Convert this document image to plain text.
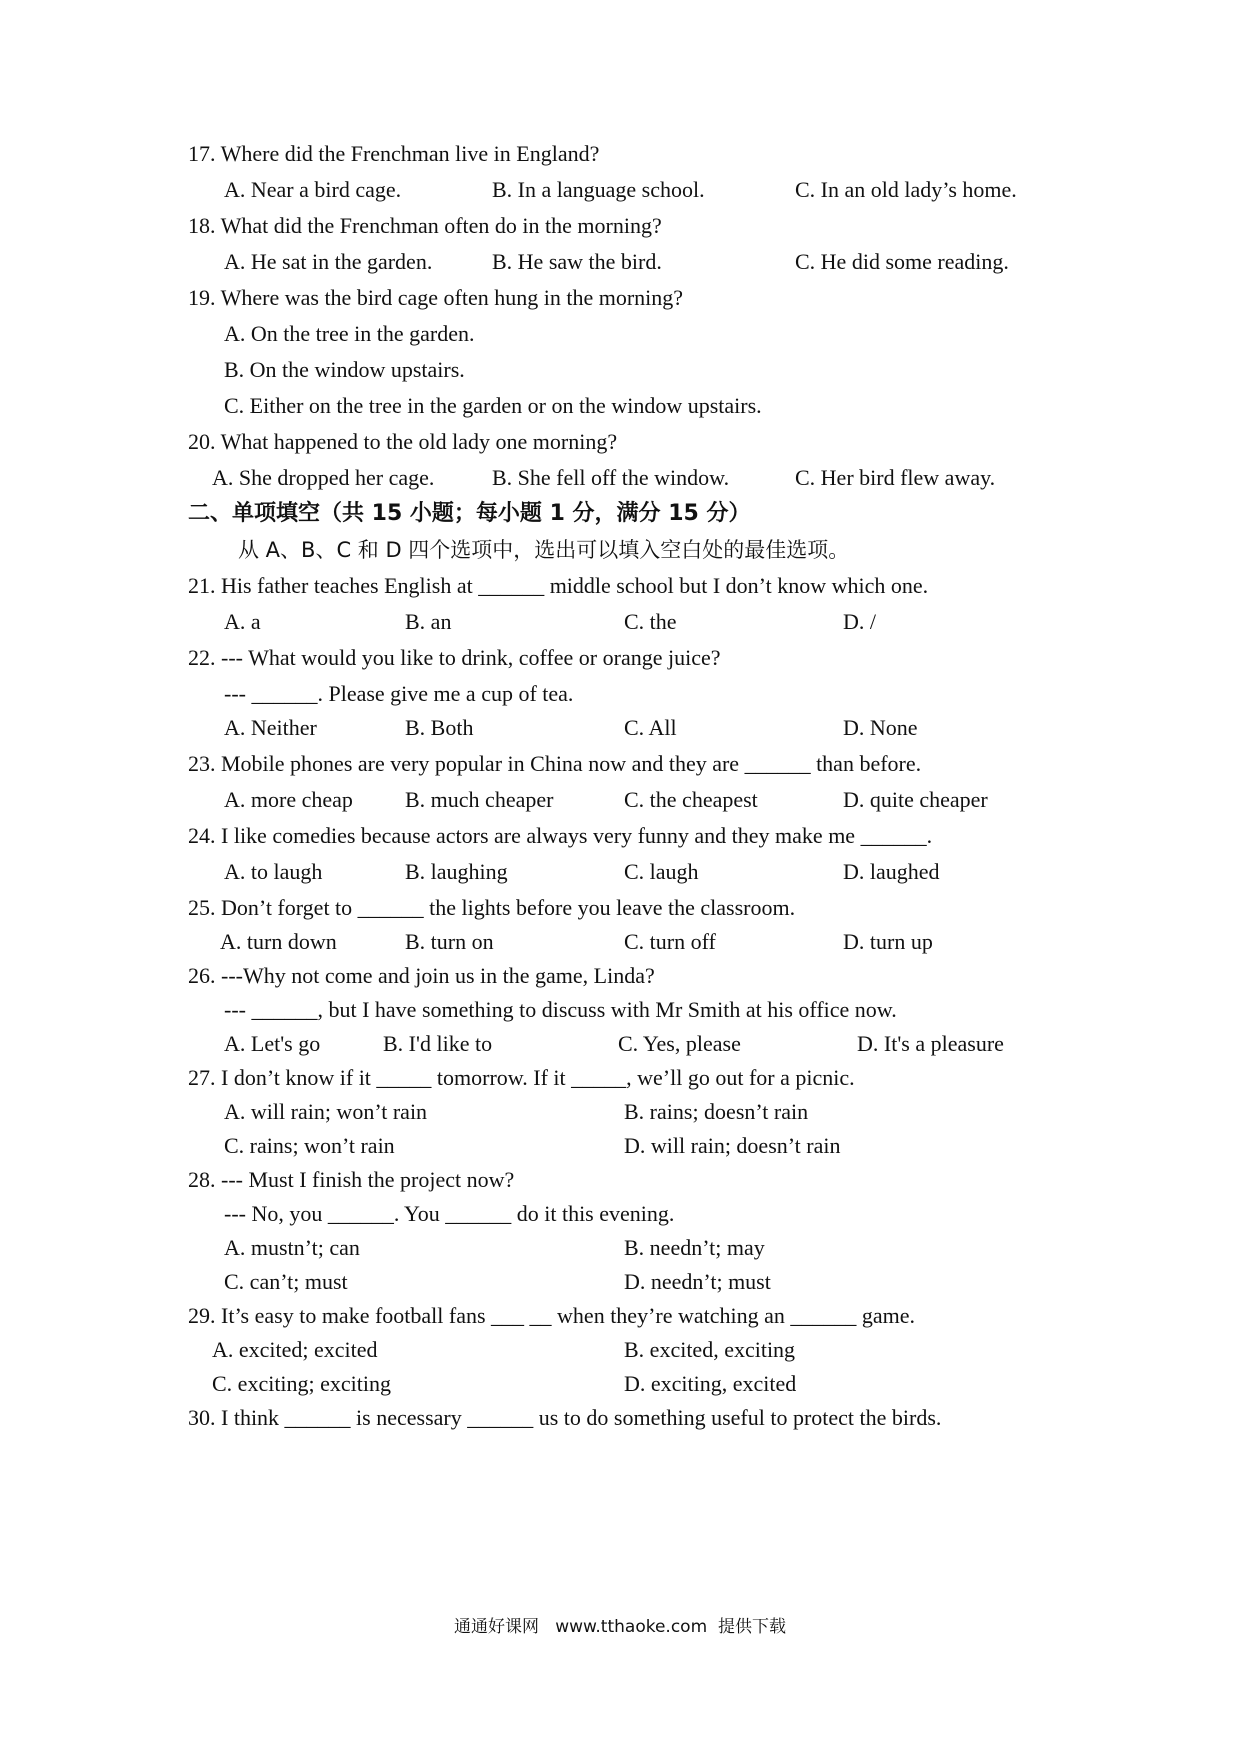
17. Where did the Frenchman live in England?
A. Near a bird cage.	B. In a language school.	C. In an old lady’s home.
18. What did the Frenchman often do in the morning?
A. He sat in the garden.	B. He saw the bird.	C. He did some reading.
19. Where was the bird cage often hung in the morning?
A. On the tree in the garden.
B. On the window upstairs.
C. Either on the tree in the garden or on the window upstairs.
20. What happened to the old lady one morning?
A. She dropped her cage.	B. She fell off the window.	C. Her bird flew away.
二、单项填空（共 15 小题；每小题 1 分，满分 15 分）
从 A、B、C 和 D 四个选项中，选出可以填入空白处的最佳选项。
21. His father teaches English at ______ middle school but I don’t know which one.
A. a	B. an	C. the	D. /
22. --- What would you like to drink, coffee or orange juice?
--- ______. Please give me a cup of tea.
A. Neither	B. Both	C. All	D. None
23. Mobile phones are very popular in China now and they are ______ than before.
A. more cheap B. much cheaper	C. the cheapest	D. quite cheaper
24. I like comedies because actors are always very funny and they make me ______.
A. to laugh	B. laughing	C. laugh	D. laughed
25. Don’t forget to ______ the lights before you leave the classroom.
A. turn down	B. turn on	C. turn off	D. turn up
26. ---Why not come and join us in the game, Linda?
--- ______, but I have something to discuss with Mr Smith at his office now.
A. Let's go	B. I'd like to	C. Yes, please	D. It's a pleasure
27. I don’t know if it _____ tomorrow. If it _____, we’ll go out for a picnic.
A. will rain; won’t rain	B. rains; doesn’t rain
C. rains; won’t rain	D. will rain; doesn’t rain
28. --- Must I finish the project now?
--- No, you ______. You ______ do it this evening.
A. mustn’t; can	B. needn’t; may
C. can’t; must	D. needn’t; must
29. It’s easy to make football fans ___ __ when they’re watching an ______ game.
A. excited; excited	B. excited, exciting
C. exciting; exciting	D. exciting, excited
30. I think ______ is necessary ______ us to do something useful to protect the birds.
通通好课网 www.tthaoke.com 提供下载
